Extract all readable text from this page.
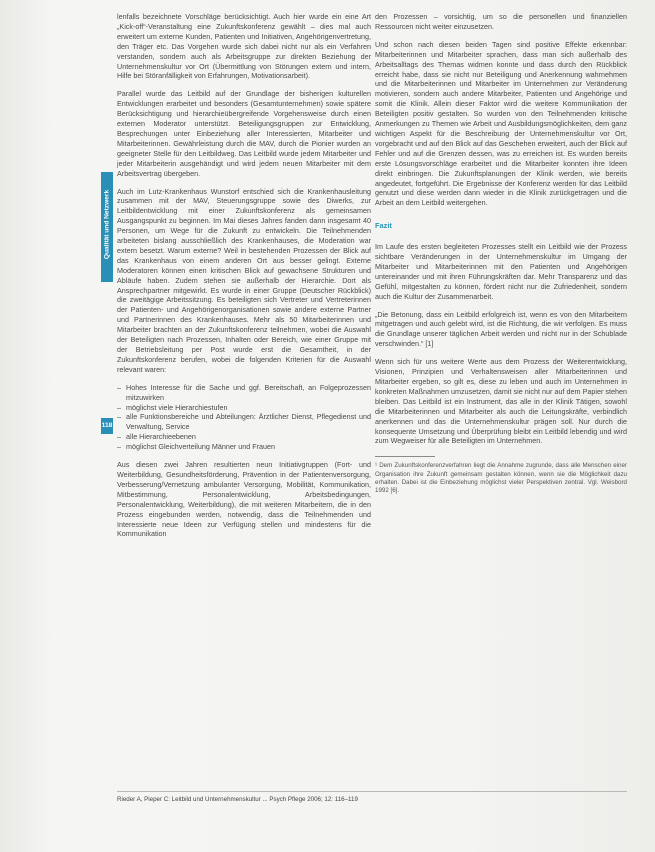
Qualität und Netzwerk
118

lenfalls bezeichnete Vorschläge berücksichtigt. Auch hier wurde ein eine Art „Kick-off“-Veranstaltung eine Zukunftskonferenz gewählt – dies mal auch erweitert um externe Kunden, Patienten und Initiativen, Angehörigenvertretung, den Träger etc. Das Vorgehen wurde sich dabei nicht nur als ein Verfahren verstanden, sondern auch als Arbeitsgruppe zur direkten Beziehung der Unternehmenskultur vor Ort (Übermittlung von Störungen extern und intern, Hilfe bei Störanfälligkeit von Erfahrungen, Motivationsarbeit).

Parallel wurde das Leitbild auf der Grundlage der bisherigen kulturellen Entwicklungen erarbeitet und besonders (Gesamtunternehmen) sowie spätere Berücksichtigung und hierarchieübergreifende Vorgehensweise durch einen externen Moderator unterstützt. Beteiligungsgruppen zur Entwicklung, Besprechungen unter Einbeziehung aller Interessierten, Mitarbeiter und Mitarbeiterinnen. Gewährleistung durch die MAV, durch die Pionier wurden an geeigneter Stelle für den Leitbildweg. Das Leitbild wurde jedem Mitarbeiter und jeder Mitarbeiterin ausgehändigt und wird jedem neuen Mitarbeiter mit dem Arbeitsvertrag übergeben.

Auch im Lutz-Krankenhaus Wunstorf entschied sich die Krankenhausleitung zusammen mit der MAV, Steuerungsgruppe sowie des Diwerks, zur Leitbildentwicklung mit einer Zukunftskonferenz als gemeinsamen Ausgangspunkt zu beginnen. Im Mai dieses Jahres fanden dann insgesamt 40 Personen, um Wege für die Zukunft zu entwickeln. Die Teilnehmenden arbeiteten bislang ausschließlich des Krankenhauses, die Moderation war extern besetzt. Warum externe? Weil in bestehenden Prozessen der Blick auf das Krankenhaus von einem anderen Ort aus besser gelingt. Externe Moderatoren können einen kritischen Blick auf gewachsene Strukturen und Abläufe haben. Zudem stehen sie außerhalb der Hierarchie. Dort als Ansprechpartner mitgewirkt. Es wurde in einer Gruppe (Deutscher Rückblick) die zweitägige Arbeitssitzung. Es beteiligten sich Vertreter und Vertreterinnen der Patienten- und Angehörigenorganisationen sowie andere externe Partner und Partnerinnen des Krankenhauses. Mehr als 50 Mitarbeiterinnen und Mitarbeiter brachten an der Zukunftskonferenz teilnehmen, wobei die Auswahl der Beteiligten nach Prozessen, Inhalten oder Bereich, wie einer Gruppe mit der Betriebsleitung per Post wurde erst die Gesamtheit, in der Zukunftskonferenz berufen, wobei die folgenden Kriterien für die Auswahl relevant waren:

– Hohes Interesse für die Sache und ggf. Bereitschaft, an Folgeprozessen mitzuwirken
– möglichst viele Hierarchiestufen
– alle Funktionsbereiche und Abteilungen: Ärztlicher Dienst, Pflegedienst und Verwaltung, Service
– alle Hierarchieebenen
– möglichst Gleichverteilung Männer und Frauen

Aus diesen zwei Jahren resultierten neun Initiativgruppen (Fort- und Weiterbildung, Gesundheitsförderung, Prävention in der Patientenversorgung, Verbesserung/Vernetzung ambulanter Versorgung, Mobilität, Kommunikation, Mitbestimmung, Personalentwicklung, Arbeitsbedingungen, Personalentwicklung, Weiterbildung), die mit weiteren Mitarbeitern, die in den Prozess eingebunden werden, notwendig, dass die Teilnehmenden und Interessierte neue Ideen zur Verfügung stellen und mindestens für die Kommunikation

den Prozessen – vorsichtig, um so die personellen und finanziellen Ressourcen nicht weiter einzusetzen.

Und schon nach diesen beiden Tagen sind positive Effekte erkennbar: Mitarbeiterinnen und Mitarbeiter sprachen, dass man sich außerhalb des Arbeitsalltags des Themas widmen konnte und dass durch den Rückblick erreicht habe, dass sie nicht nur Beteiligung und Anerkennung wahrnehmen und die Mitarbeiterinnen und Mitarbeiter im Unternehmen zur Veränderung motivieren, sondern auch andere Mitarbeiter, Patienten und Angehörige und somit die Klinik. Allein dieser Faktor wird die weitere Kommunikation der Beteiligten positiv gestalten. So wurden von den Teilnehmenden kritische Anmerkungen zu Themen wie Arbeit und Ausbildungsmöglichkeiten, dem ganz wichtigen Aspekt für die Beschreibung der Unternehmenskultur vor Ort, vorgebracht und auf den Blick auf das Geschehen erweitert, auch der Blick auf Fehler und auf die Grenzen dessen, was zu erreichen ist. Es wurden bereits erste Lösungsvorschläge erarbeitet und die Mitarbeiter konnten ihre Ideen direkt einbringen. Die Zukunftsplanungen der Klinik werden, wie bereits angedeutet, fortgeführt. Die Ergebnisse der Konferenz werden für das Leitbild genutzt und diese werden dann wieder in die Klinik zurückgetragen und die Arbeit an dem Leitbild weitergehen.

Fazit

Im Laufe des ersten begleiteten Prozesses stellt ein Leitbild wie der Prozess sichtbare Veränderungen in der Unternehmenskultur im Umgang der Mitarbeiter und Mitarbeiterinnen mit den Patienten und Angehörigen untereinander und mit ihren Führungskräften dar. Mehr Transparenz und das Gefühl, mitgestalten zu können, fördert nicht nur die Zufriedenheit, sondern auch die Kultur der Zusammenarbeit.

„Die Betonung, dass ein Leitbild erfolgreich ist, wenn es von den Mitarbeitern mitgetragen und auch gelebt wird, ist die Richtung, die wir verfolgen. Es muss die Grundlage unserer täglichen Arbeit werden und nicht nur in der Schublade verschwinden.“ [1]

Wenn sich für uns weitere Werte aus dem Prozess der Weiterentwicklung, Visionen, Prinzipien und Verhaltensweisen aller Mitarbeiterinnen und Mitarbeiter ergeben, so gilt es, diese zu leben und auch im Unternehmen in konkreten Maßnahmen umzusetzen, damit sie nicht nur auf dem Papier stehen bleiben. Das Leitbild ist ein Instrument, das alle in der Klinik Tätigen, sowohl die Mitarbeiterinnen und Mitarbeiter als auch die Leitungskräfte, verbindlich anerkennen und das die Unternehmenskultur prägen soll. Nur durch die konsequente Umsetzung und Überprüfung bleibt ein Leitbild lebendig und wird zum Wegweiser für alle Beteiligten im Unternehmen.

¹ Dem Zukunftskonferenzverfahren liegt die Annahme zugrunde, dass alle Menschen einer Organisation ihre Zukunft gemeinsam gestalten können, wenn sie die Möglichkeit dazu erhalten. Dabei ist die Einbeziehung möglichst vieler Perspektiven zentral. Vgl. Weisbord 1992 [6].
Rieder A, Pieper C: Leitbild und Unternehmenskultur ... Psych Pflege 2006; 12: 116–119
